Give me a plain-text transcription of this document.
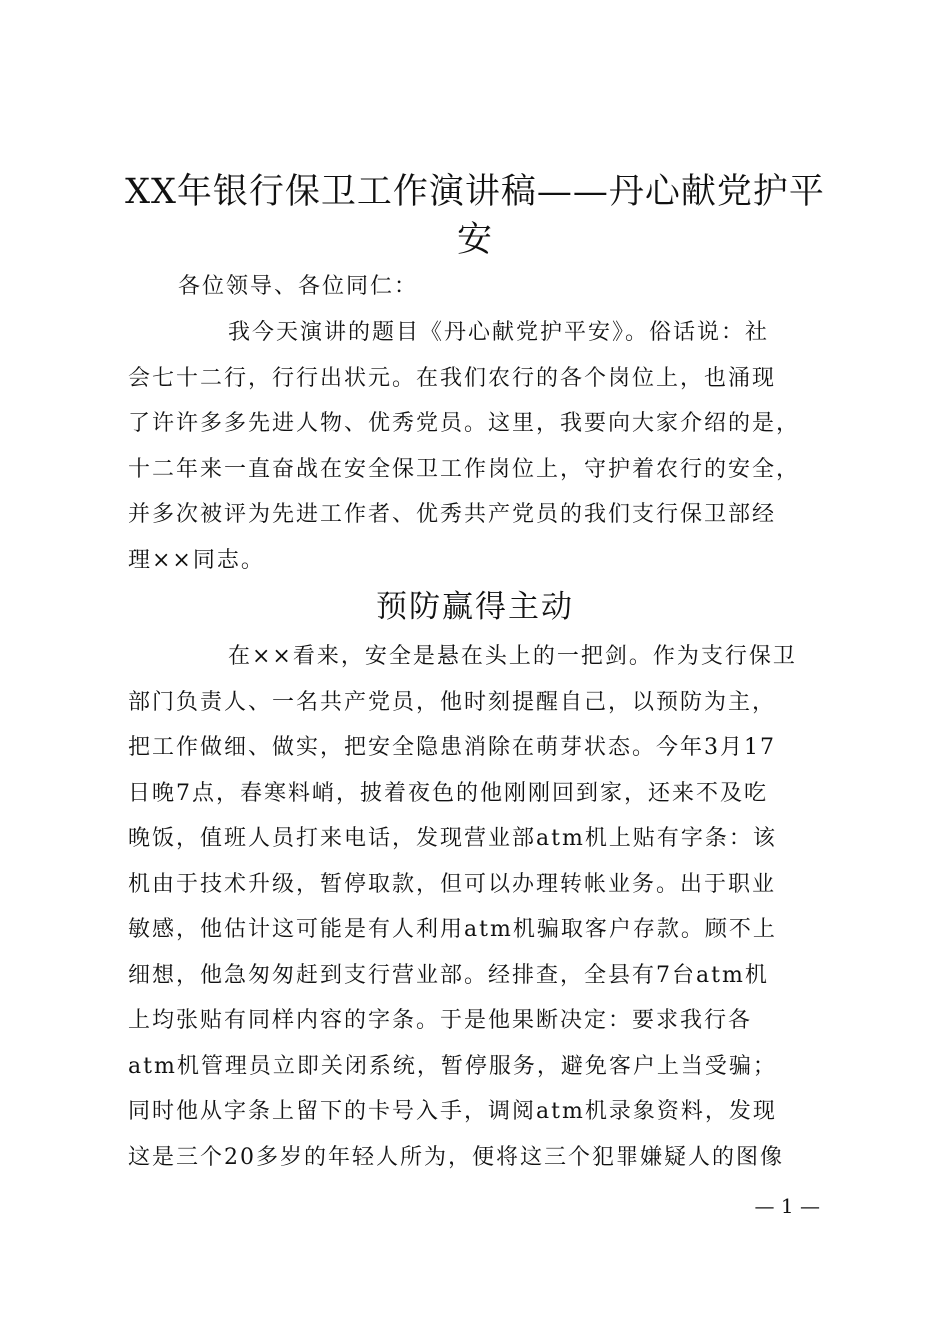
XX年银行保卫工作演讲稿——丹心献党护平
安
各位领导、各位同仁：
我今天演讲的题目《丹心献党护平安》。俗话说：社
会七十二行，行行出状元。在我们农行的各个岗位上，也涌现
了许许多多先进人物、优秀党员。这里，我要向大家介绍的是，
十二年来一直奋战在安全保卫工作岗位上，守护着农行的安全，
并多次被评为先进工作者、优秀共产党员的我们支行保卫部经
理××同志。
预防赢得主动
在××看来，安全是悬在头上的一把剑。作为支行保卫
部门负责人、一名共产党员，他时刻提醒自己，以预防为主，
把工作做细、做实，把安全隐患消除在萌芽状态。今年3月17
日晚7点，春寒料峭，披着夜色的他刚刚回到家，还来不及吃
晚饭，值班人员打来电话，发现营业部atm机上贴有字条：该
机由于技术升级，暂停取款，但可以办理转帐业务。出于职业
敏感，他估计这可能是有人利用atm机骗取客户存款。顾不上
细想，他急匆匆赶到支行营业部。经排查，全县有7台atm机
上均张贴有同样内容的字条。于是他果断决定：要求我行各
atm机管理员立即关闭系统，暂停服务，避免客户上当受骗；
同时他从字条上留下的卡号入手，调阅atm机录象资料，发现
这是三个20多岁的年轻人所为，便将这三个犯罪嫌疑人的图像
— 1 —
